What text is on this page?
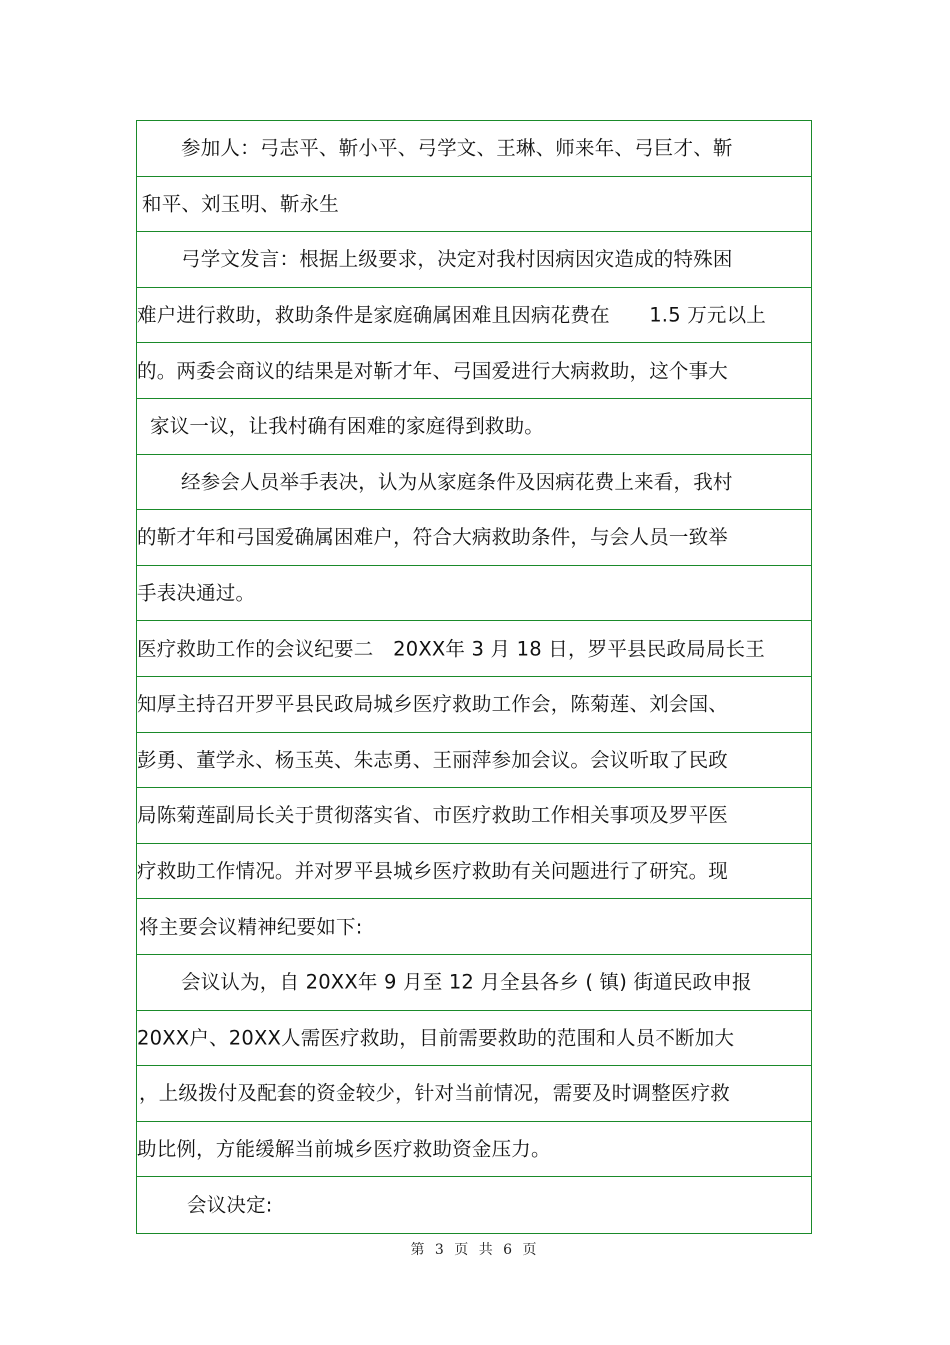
参加人：弓志平、靳小平、弓学文、王琳、师来年、弓巨才、靳
和平、刘玉明、靳永生
弓学文发言：根据上级要求，决定对我村因病因灾造成的特殊困
难户进行救助，救助条件是家庭确属困难且因病花费在　　1.5 万元以上
的。两委会商议的结果是对靳才年、弓国爱进行大病救助，这个事大
家议一议，让我村确有困难的家庭得到救助。
经参会人员举手表决，认为从家庭条件及因病花费上来看，我村
的靳才年和弓国爱确属困难户，符合大病救助条件，与会人员一致举
手表决通过。
医疗救助工作的会议纪要二　20XX年 3 月 18 日，罗平县民政局局长王
知厚主持召开罗平县民政局城乡医疗救助工作会，陈菊莲、刘会国、
彭勇、董学永、杨玉英、朱志勇、王丽萍参加会议。会议听取了民政
局陈菊莲副局长关于贯彻落实省、市医疗救助工作相关事项及罗平医
疗救助工作情况。并对罗平县城乡医疗救助有关问题进行了研究。现
将主要会议精神纪要如下:
会议认为，自 20XX年 9 月至 12 月全县各乡 ( 镇) 街道民政申报
20XX户、20XX人需医疗救助，目前需要救助的范围和人员不断加大
，上级拨付及配套的资金较少，针对当前情况，需要及时调整医疗救
助比例，方能缓解当前城乡医疗救助资金压力。
会议决定:
第 3 页 共 6 页
